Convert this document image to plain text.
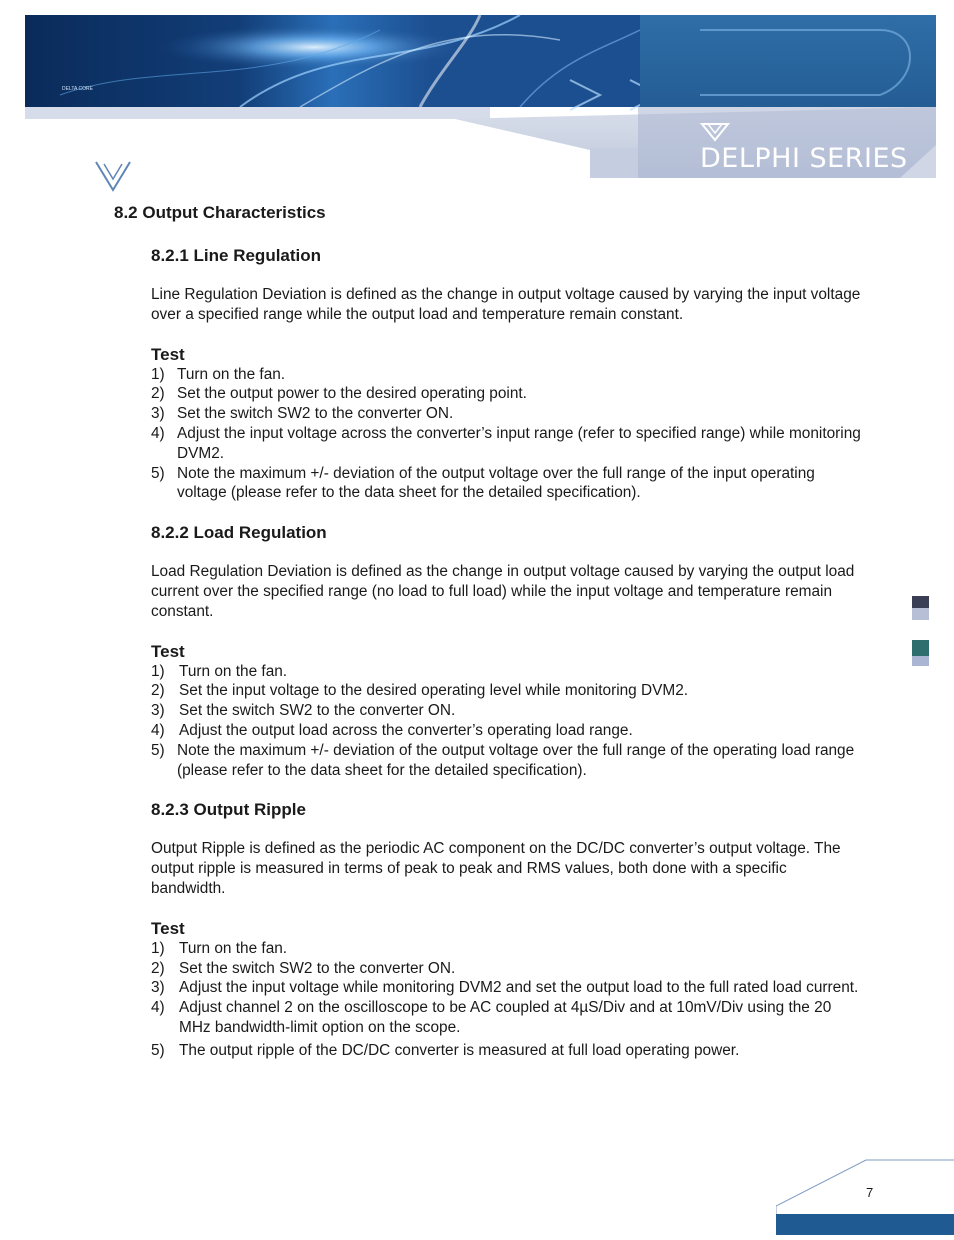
DELTA CORE
DELPHI SERIES
8.2 Output Characteristics
8.2.1 Line Regulation

Line Regulation Deviation is defined as the change in output voltage caused by varying the input voltage over a specified range while the output load and temperature remain constant.

Test
1) Turn on the fan.
2) Set the output power to the desired operating point.
3) Set the switch SW2 to the converter ON.
4) Adjust the input voltage across the converter’s input range (refer to specified range) while monitoring DVM2.
5) Note the maximum +/- deviation of the output voltage over the full range of the input operating voltage (please refer to the data sheet for the detailed specification).
8.2.2 Load Regulation

Load Regulation Deviation is defined as the change in output voltage caused by varying the output load current over the specified range (no load to full load) while the input voltage and temperature remain constant.

Test
1) Turn on the fan.
2) Set the input voltage to the desired operating level while monitoring DVM2.
3) Set the switch SW2 to the converter ON.
4) Adjust the output load across the converter’s operating load range.
5) Note the maximum +/- deviation of the output voltage over the full range of the operating load range (please refer to the data sheet for the detailed specification).
8.2.3 Output Ripple

Output Ripple is defined as the periodic AC component on the DC/DC converter’s output voltage. The output ripple is measured in terms of peak to peak and RMS values, both done with a specific bandwidth.

Test
1) Turn on the fan.
2) Set the switch SW2 to the converter ON.
3) Adjust the input voltage while monitoring DVM2 and set the output load to the full rated load current.
4) Adjust channel 2 on the oscilloscope to be AC coupled at 4µS/Div and at 10mV/Div using the 20 MHz bandwidth-limit option on the scope.
5) The output ripple of the DC/DC converter is measured at full load operating power.
7
